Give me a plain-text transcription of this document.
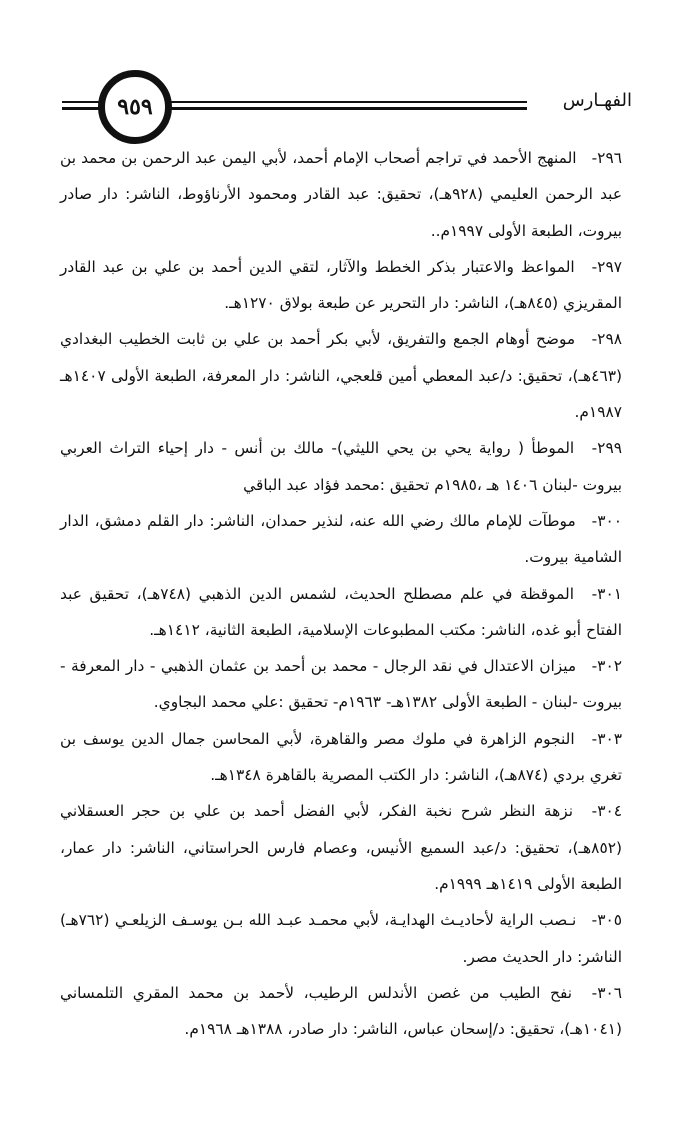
الفهـارس
٩٥٩

٢٩٦- المنهج الأحمد في تراجم أصحاب الإمام أحمد، لأبي اليمن عبد الرحمن بن محمد بن عبد الرحمن العليمي (٩٢٨هـ)، تحقيق: عبد القادر ومحمود الأرناؤوط، الناشر: دار صادر بيروت، الطبعة الأولى ١٩٩٧م..

٢٩٧- المواعظ والاعتبار بذكر الخطط والآثار، لتقي الدين أحمد بن علي بن عبد القادر المقريزي (٨٤٥هـ)، الناشر: دار التحرير عن طبعة بولاق ١٢٧٠هـ.

٢٩٨- موضح أوهام الجمع والتفريق، لأبي بكر أحمد بن علي بن ثابت الخطيب البغدادي (٤٦٣هـ)، تحقيق: د/عبد المعطي أمين قلعجي، الناشر: دار المعرفة، الطبعة الأولى ١٤٠٧هـ ١٩٨٧م.

٢٩٩- الموطأ ( رواية يحي بن يحي الليثي)- مالك بن أنس - دار إحياء التراث العربي بيروت -لبنان ١٤٠٦ هـ ،١٩٨٥م تحقيق :محمد فؤاد عبد الباقي

٣٠٠- موطآت للإمام مالك رضي الله عنه، لنذير حمدان، الناشر: دار القلم دمشق، الدار الشامية بيروت.

٣٠١- الموقظة في علم مصطلح الحديث، لشمس الدين الذهبي (٧٤٨هـ)، تحقيق عبد الفتاح أبو غده، الناشر: مكتب المطبوعات الإسلامية، الطبعة الثانية، ١٤١٢هـ.

٣٠٢- ميزان الاعتدال في نقد الرجال - محمد بن أحمد بن عثمان الذهبي - دار المعرفة - بيروت -لبنان - الطبعة الأولى ١٣٨٢هـ- ١٩٦٣م- تحقيق :علي محمد البجاوي.

٣٠٣- النجوم الزاهرة في ملوك مصر والقاهرة، لأبي المحاسن جمال الدين يوسف بن تغري بردي (٨٧٤هـ)، الناشر: دار الكتب المصرية بالقاهرة ١٣٤٨هـ.

٣٠٤- نزهة النظر شرح نخبة الفكر، لأبي الفضل أحمد بن علي بن حجر العسقلاني (٨٥٢هـ)، تحقيق: د/عبد السميع الأنيس، وعصام فارس الحراستاني، الناشر: دار عمار، الطبعة الأولى ١٤١٩هـ ١٩٩٩م.

٣٠٥- نـصب الراية لأحاديـث الهدايـة، لأبي محمـد عبـد الله بـن يوسـف الزيلعـي (٧٦٢هـ) الناشر: دار الحديث مصر.

٣٠٦- نفح الطيب من غصن الأندلس الرطيب، لأحمد بن محمد المقري التلمساني (١٠٤١هـ)، تحقيق: د/إسحان عباس، الناشر: دار صادر، ١٣٨٨هـ ١٩٦٨م.
